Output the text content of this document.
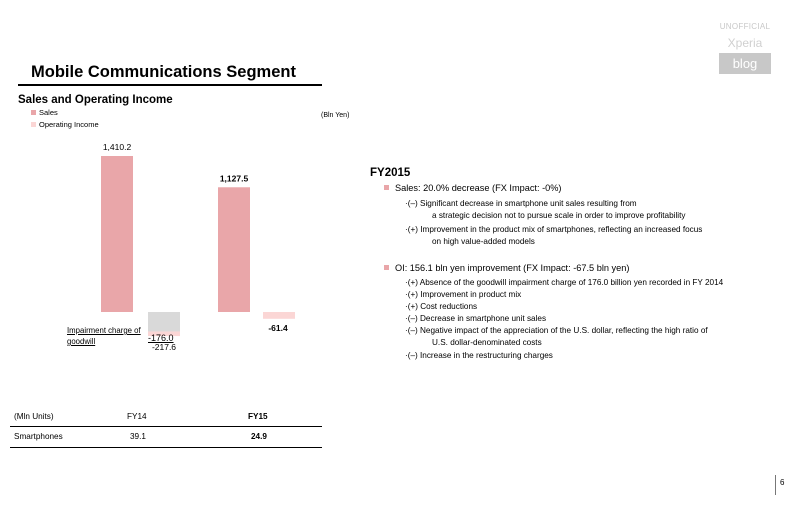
UNOFFICIAL
Xperia
blog
Mobile Communications Segment
Sales and Operating Income
Sales
Operating Income
(Bln Yen)
1,410.2
1,127.5
-217.6
-61.4
Impairment charge of goodwill	-176.0
(Mln Units)	FY14	FY15
Smartphones	39.1	24.9
FY2015
Sales: 20.0% decrease (FX Impact: -0%)
·(–) Significant decrease in smartphone unit sales resulting from
a strategic decision not to pursue scale in order to improve profitability
·(+) Improvement in the product mix of smartphones, reflecting an increased focus
on high value-added models
OI: 156.1 bln yen improvement (FX Impact: -67.5 bln yen)
·(+) Absence of the goodwill impairment charge of 176.0 billion yen recorded in FY 2014
·(+) Improvement in product mix
·(+) Cost reductions
·(–) Decrease in smartphone unit sales
·(–) Negative impact of the appreciation of the U.S. dollar, reflecting the high ratio of
U.S. dollar-denominated costs
·(–) Increase in the restructuring charges
6
